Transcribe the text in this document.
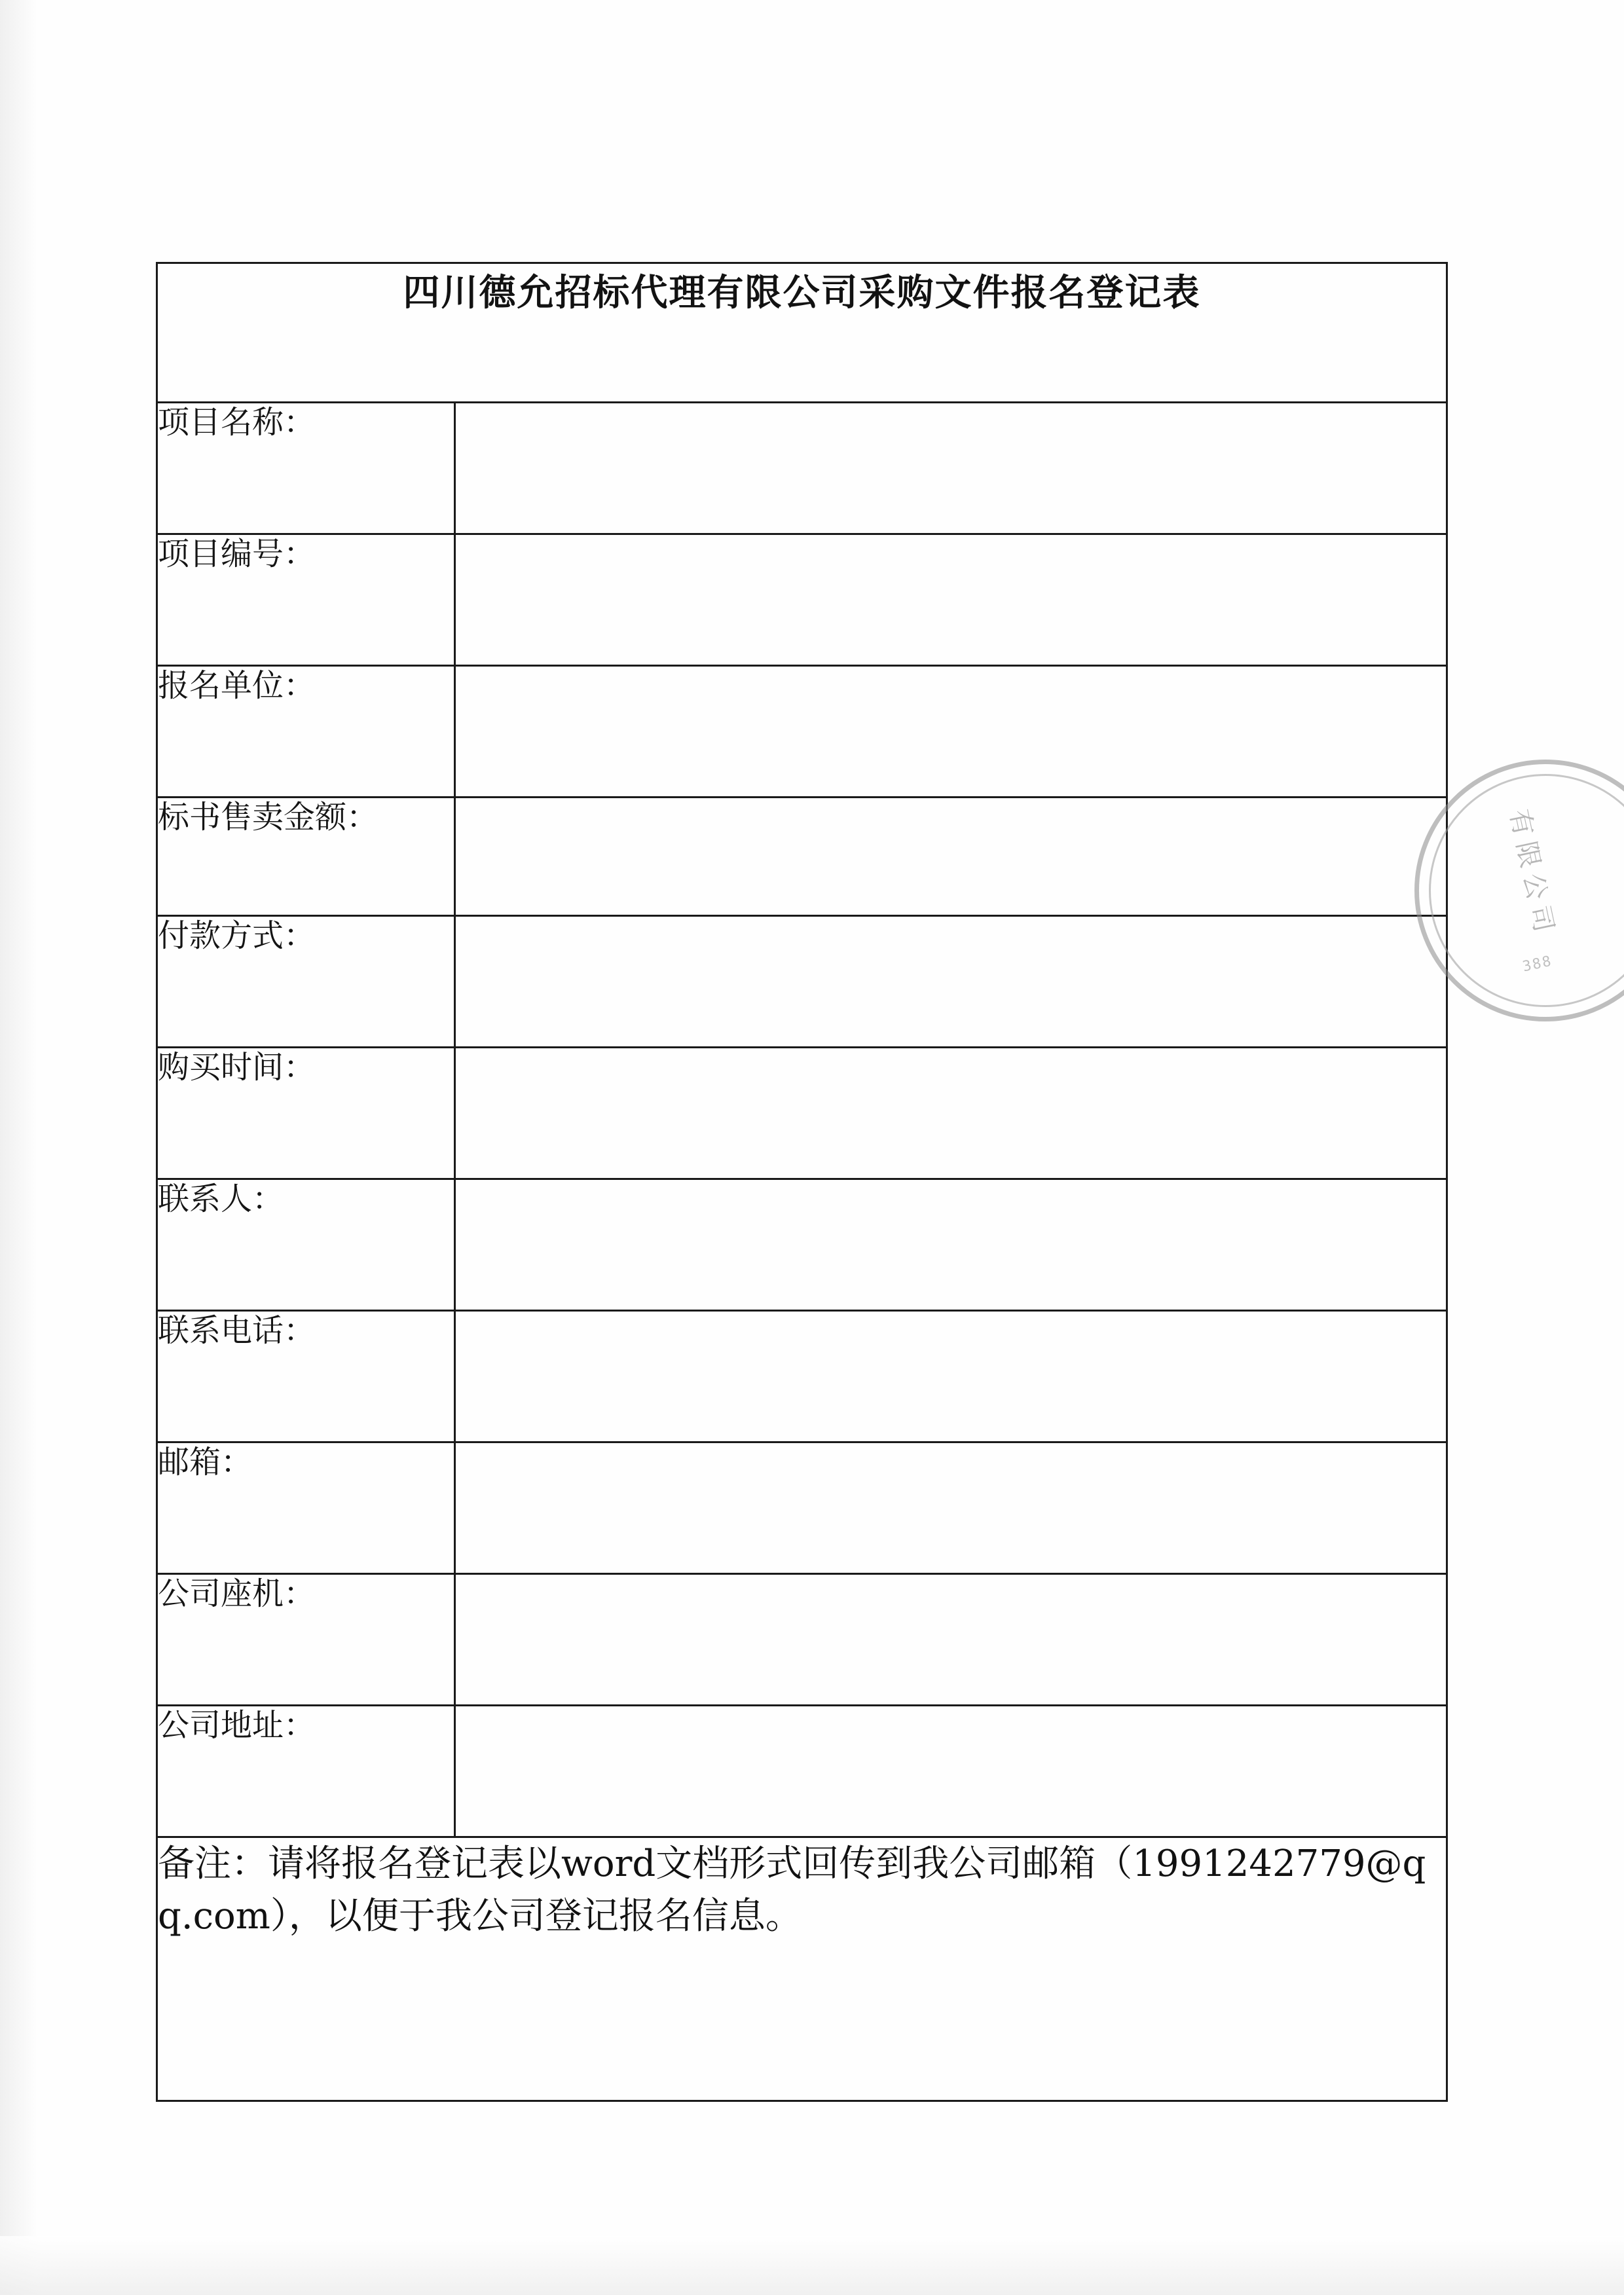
四川德允招标代理有限公司采购文件报名登记表	

项目名称：	

项目编号：	

报名单位：	

标书售卖金额：	

付款方式：	

购买时间：	

联系人：	

联系电话：	

邮箱：	

公司座机：	

公司地址：	

备注：请将报名登记表以word文档形式回传到我公司邮箱（1991242779@qq.com），以便于我公司登记报名信息。	
有限公司
388
